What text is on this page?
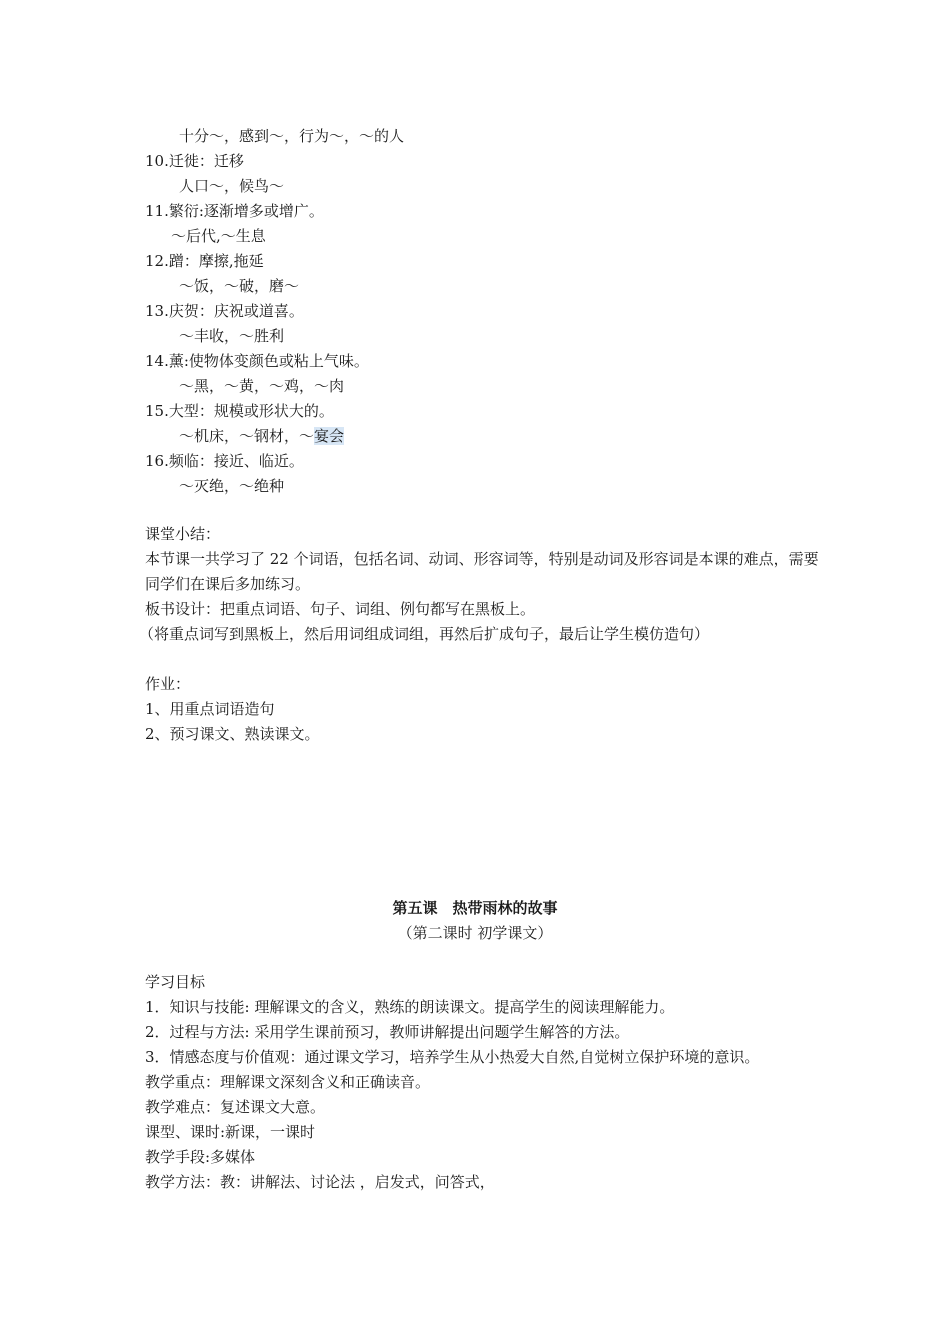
十分～，感到～，行为～，～的人
10.迁徙：迁移
人口～，候鸟～
11.繁衍:逐渐增多或增广。
～后代,～生息
12.蹭：摩擦,拖延
～饭，～破，磨～
13.庆贺：庆祝或道喜。
～丰收，～胜利
14.薰:使物体变颜色或粘上气味。
～黑，～黄，～鸡，～肉
15.大型：规模或形状大的。
～机床，～钢材，～宴会
16.频临：接近、临近。
～灭绝，～绝种
课堂小结：
本节课一共学习了 22 个词语，包括名词、动词、形容词等，特别是动词及形容词是本课的难点，需要同学们在课后多加练习。
板书设计：把重点词语、句子、词组、例句都写在黑板上。
（将重点词写到黑板上，然后用词组成词组，再然后扩成句子，最后让学生模仿造句）
作业：
1、用重点词语造句
2、预习课文、熟读课文。
第五课　热带雨林的故事
（第二课时 初学课文）
学习目标
1．知识与技能: 理解课文的含义，熟练的朗读课文。提高学生的阅读理解能力。
2．过程与方法: 采用学生课前预习，教师讲解提出问题学生解答的方法。
3．情感态度与价值观：通过课文学习，培养学生从小热爱大自然,自觉树立保护环境的意识。
教学重点：理解课文深刻含义和正确读音。
教学难点：复述课文大意。
课型、课时:新课，一课时
教学手段:多媒体
教学方法：教：讲解法、讨论法 ，启发式，问答式，
